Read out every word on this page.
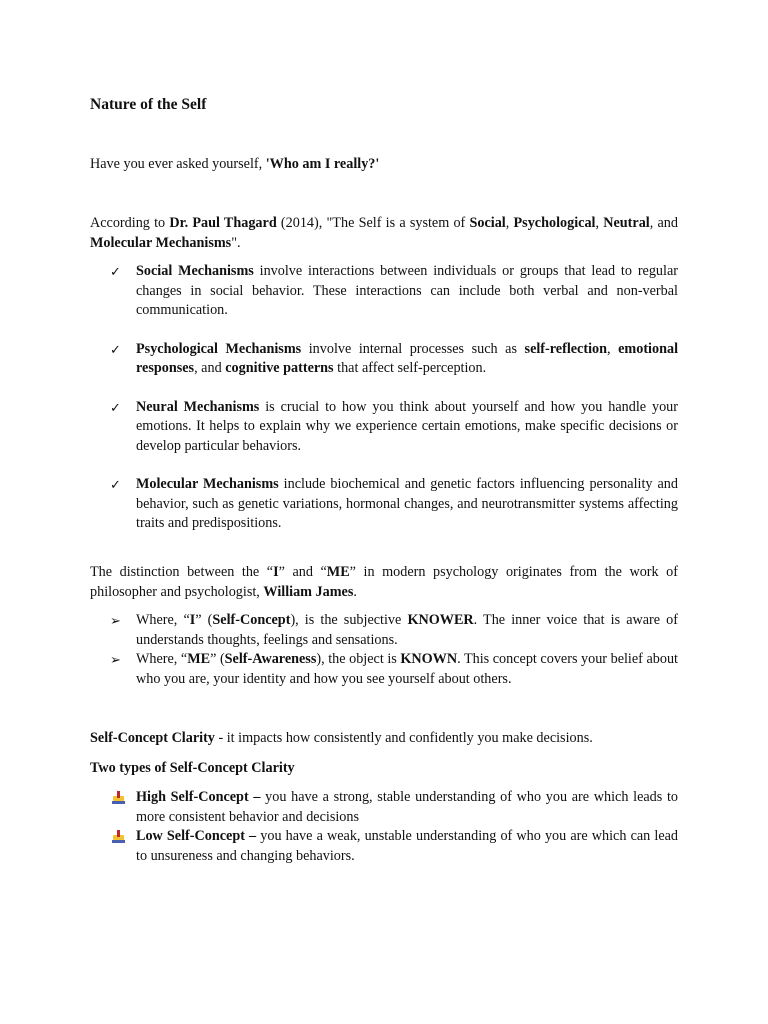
Nature of the Self
Have you ever asked yourself, 'Who am I really?'
According to Dr. Paul Thagard (2014), "The Self is a system of Social, Psychological, Neutral, and Molecular Mechanisms".
✓ Social Mechanisms involve interactions between individuals or groups that lead to regular changes in social behavior. These interactions can include both verbal and non-verbal communication.
✓ Psychological Mechanisms involve internal processes such as self-reflection, emotional responses, and cognitive patterns that affect self-perception.
✓ Neural Mechanisms is crucial to how you think about yourself and how you handle your emotions. It helps to explain why we experience certain emotions, make specific decisions or develop particular behaviors.
✓ Molecular Mechanisms include biochemical and genetic factors influencing personality and behavior, such as genetic variations, hormonal changes, and neurotransmitter systems affecting traits and predispositions.
The distinction between the “I” and “ME” in modern psychology originates from the work of philosopher and psychologist, William James.
➢ Where, “I” (Self-Concept), is the subjective KNOWER. The inner voice that is aware of understands thoughts, feelings and sensations.
➢ Where, “ME” (Self-Awareness), the object is KNOWN. This concept covers your belief about who you are, your identity and how you see yourself about others.
Self-Concept Clarity - it impacts how consistently and confidently you make decisions.
Two types of Self-Concept Clarity
High Self-Concept – you have a strong, stable understanding of who you are which leads to more consistent behavior and decisions
Low Self-Concept – you have a weak, unstable understanding of who you are which can lead to unsureness and changing behaviors.
